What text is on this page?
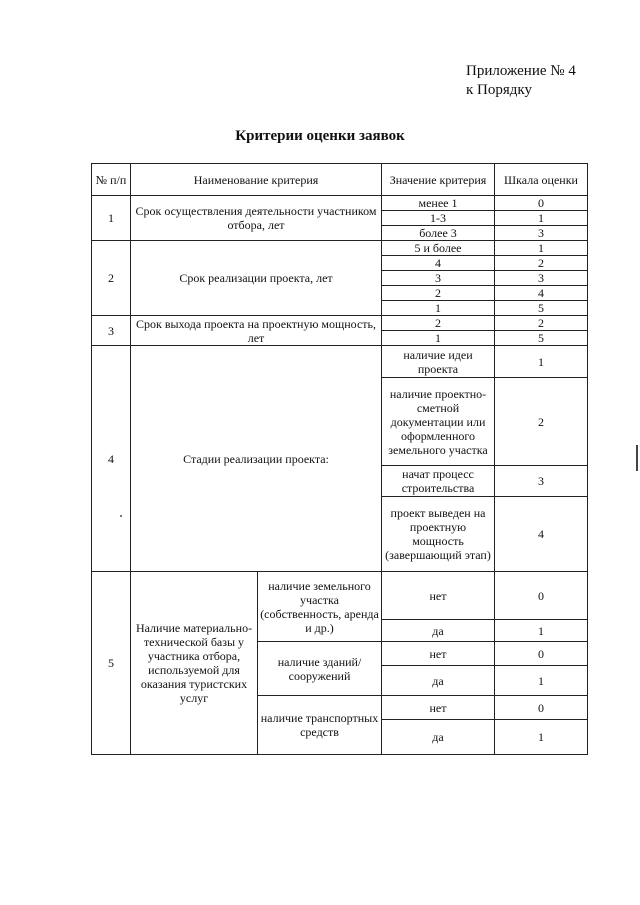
Приложение № 4
к Порядку
Критерии оценки заявок
№ п/п	Наименование критерия		Значение критерия	Шкала оценки
1	Срок осуществления деятельности участником отбора, лет		менее 1	0
			1-3	1
			более 3	3
2	Срок реализации проекта, лет		5 и более	1
			4	2
			3	3
			2	4
			1	5
3	Срок выхода проекта на проектную мощность, лет		2	2
			1	5
4	Стадии реализации проекта:		наличие идеи проекта	1
			наличие проектно-сметной документации или оформленного земельного участка	2
			начат процесс строительства	3
			проект выведен на проектную мощность (завершающий этап)	4
5	Наличие материально-технической базы у участника отбора, используемой для оказания туристских услуг	наличие земельного участка (собственность, аренда и др.)	нет	0
			да	1
		наличие зданий/сооружений	нет	0
			да	1
		наличие транспортных средств	нет	0
			да	1
